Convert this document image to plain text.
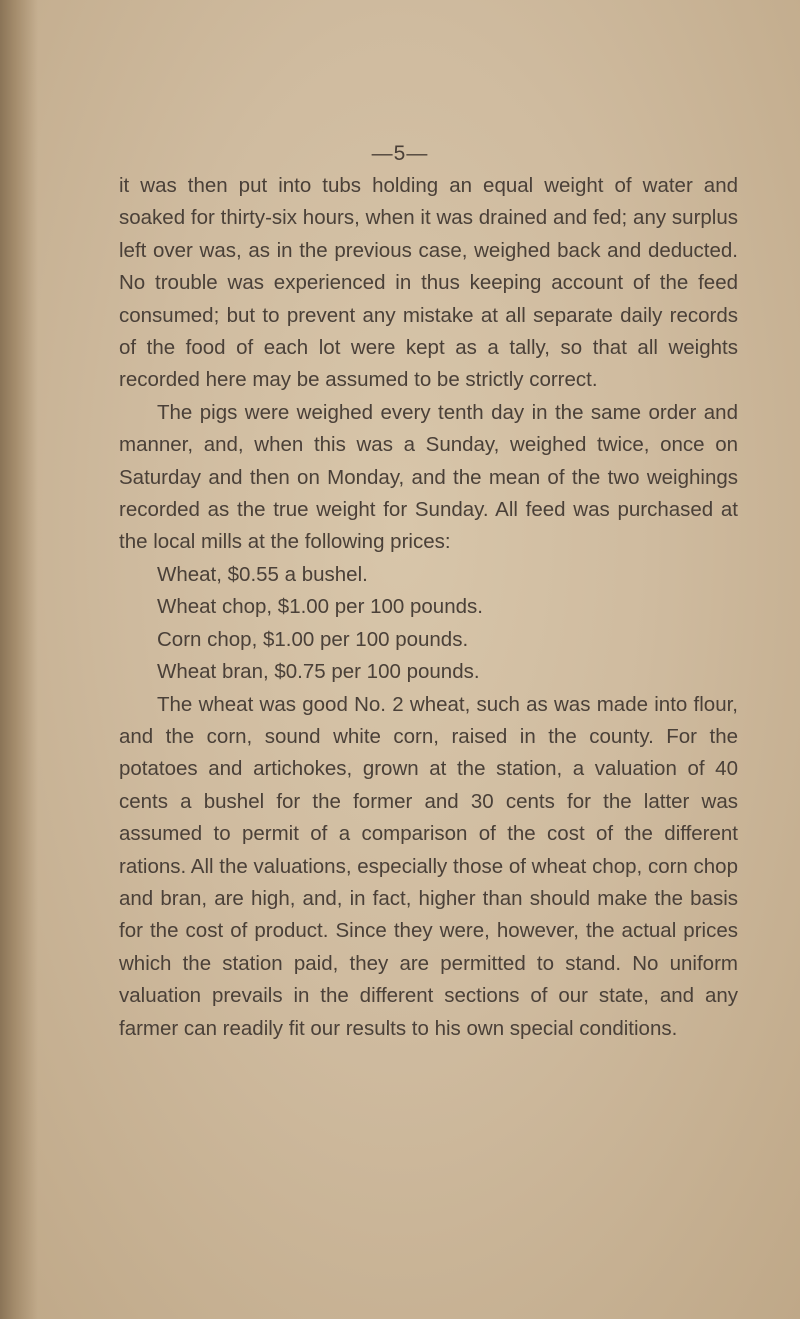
—5—

it was then put into tubs holding an equal weight of water and soaked for thirty-six hours, when it was drained and fed; any surplus left over was, as in the previous case, weighed back and deducted. No trouble was experienced in thus keeping account of the feed consumed; but to prevent any mistake at all separate daily records of the food of each lot were kept as a tally, so that all weights recorded here may be assumed to be strictly correct.

The pigs were weighed every tenth day in the same order and manner, and, when this was a Sunday, weighed twice, once on Saturday and then on Monday, and the mean of the two weighings recorded as the true weight for Sunday. All feed was purchased at the local mills at the following prices:

Wheat, $0.55 a bushel.
Wheat chop, $1.00 per 100 pounds.
Corn chop, $1.00 per 100 pounds.
Wheat bran, $0.75 per 100 pounds.

The wheat was good No. 2 wheat, such as was made into flour, and the corn, sound white corn, raised in the county. For the potatoes and artichokes, grown at the station, a valuation of 40 cents a bushel for the former and 30 cents for the latter was assumed to permit of a comparison of the cost of the different rations. All the valuations, especially those of wheat chop, corn chop and bran, are high, and, in fact, higher than should make the basis for the cost of product. Since they were, however, the actual prices which the station paid, they are permitted to stand. No uniform valuation prevails in the different sections of our state, and any farmer can readily fit our results to his own special conditions.
